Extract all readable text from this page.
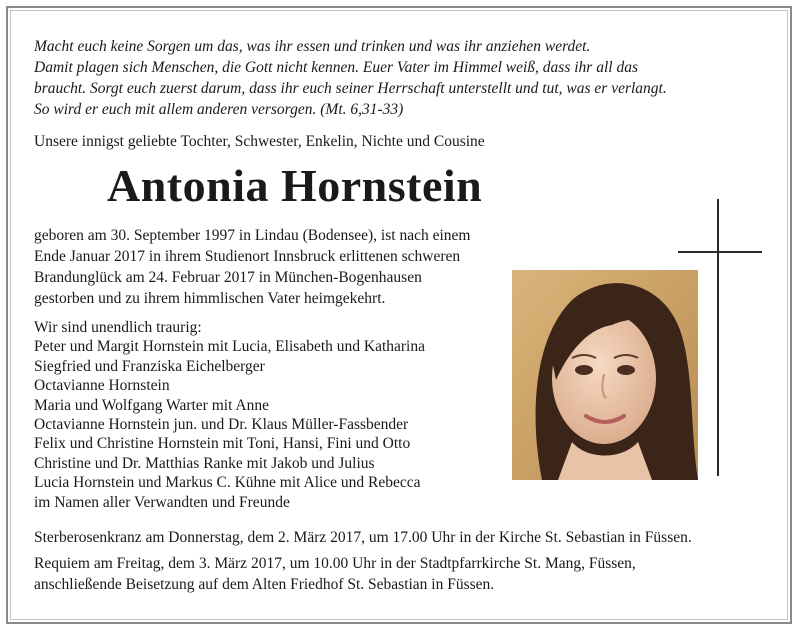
Macht euch keine Sorgen um das, was ihr essen und trinken und was ihr anziehen werdet.
Damit plagen sich Menschen, die Gott nicht kennen. Euer Vater im Himmel weiß, dass ihr all das
braucht. Sorgt euch zuerst darum, dass ihr euch seiner Herrschaft unterstellt und tut, was er verlangt.
So wird er euch mit allem anderen versorgen. (Mt. 6,31-33)
Unsere innigst geliebte Tochter, Schwester, Enkelin, Nichte und Cousine
Antonia Hornstein
geboren am 30. September 1997 in Lindau (Bodensee), ist nach einem
Ende Januar 2017 in ihrem Studienort Innsbruck erlittenen schweren
Brandunglück am 24. Februar 2017 in München-Bogenhausen
gestorben und zu ihrem himmlischen Vater heimgekehrt.
Wir sind unendlich traurig:
Peter und Margit Hornstein mit Lucia, Elisabeth und Katharina
Siegfried und Franziska Eichelberger
Octavianne Hornstein
Maria und Wolfgang Warter mit Anne
Octavianne Hornstein jun. und Dr. Klaus Müller-Fassbender
Felix und Christine Hornstein mit Toni, Hansi, Fini und Otto
Christine und Dr. Matthias Ranke mit Jakob und Julius
Lucia Hornstein und Markus C. Kühne mit Alice und Rebecca
im Namen aller Verwandten und Freunde
Sterberosenkranz am Donnerstag, dem 2. März 2017, um 17.00 Uhr in der Kirche St. Sebastian in Füssen.
Requiem am Freitag, dem 3. März 2017, um 10.00 Uhr in der Stadtpfarrkirche St. Mang, Füssen,
anschließende Beisetzung auf dem Alten Friedhof St. Sebastian in Füssen.
